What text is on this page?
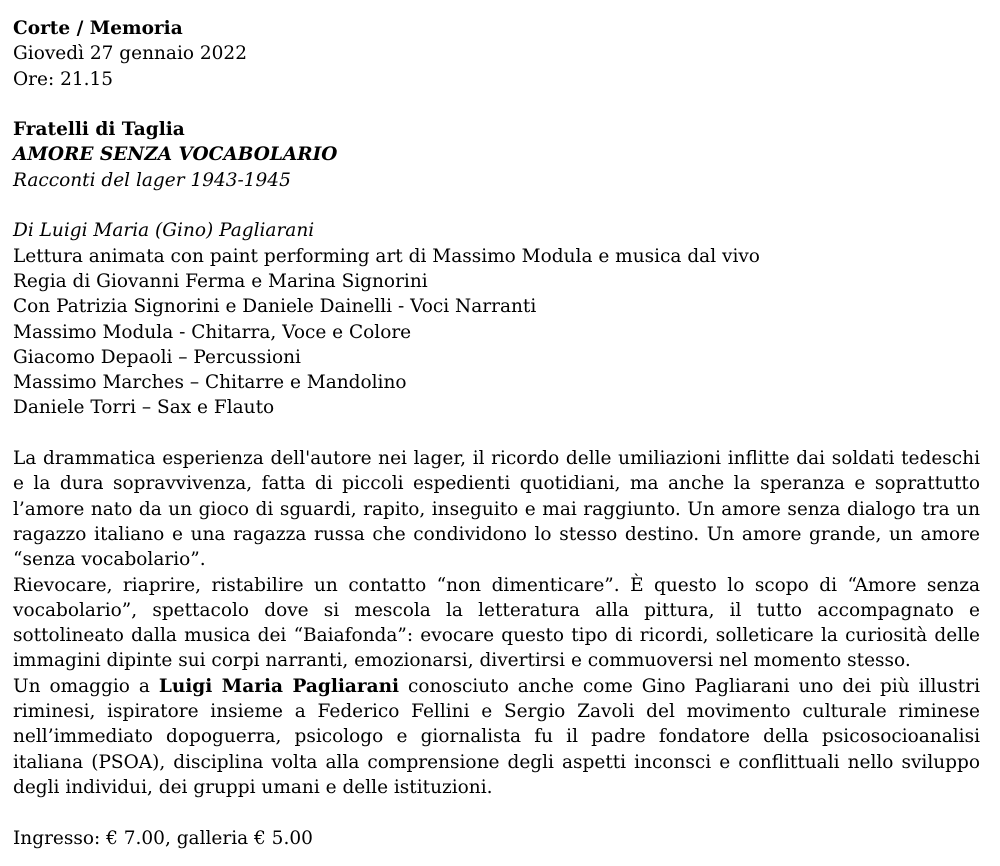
Corte / Memoria
Giovedì 27 gennaio 2022
Ore: 21.15
Fratelli di Taglia
AMORE SENZA VOCABOLARIO
Racconti del lager 1943-1945
Di Luigi Maria (Gino) Pagliarani
Lettura animata con paint performing art di Massimo Modula e musica dal vivo
Regia di Giovanni Ferma e Marina Signorini
Con Patrizia Signorini e Daniele Dainelli - Voci Narranti
Massimo Modula - Chitarra, Voce e Colore
Giacomo Depaoli – Percussioni
Massimo Marches – Chitarre e Mandolino
Daniele Torri – Sax e Flauto
La drammatica esperienza dell'autore nei lager, il ricordo delle umiliazioni inflitte dai soldati tedeschi e la dura sopravvivenza, fatta di piccoli espedienti quotidiani, ma anche la speranza e soprattutto l’amore nato da un gioco di sguardi, rapito, inseguito e mai raggiunto. Un amore senza dialogo tra un ragazzo italiano e una ragazza russa che condividono lo stesso destino. Un amore grande, un amore “senza vocabolario”.
Rievocare, riaprire, ristabilire un contatto “non dimenticare”. È questo lo scopo di “Amore senza vocabolario”, spettacolo dove si mescola la letteratura alla pittura, il tutto accompagnato e sottolineato dalla musica dei “Baiafonda”: evocare questo tipo di ricordi, solleticare la curiosità delle immagini dipinte sui corpi narranti, emozionarsi, divertirsi e commuoversi nel momento stesso.
Un omaggio a Luigi Maria Pagliarani conosciuto anche come Gino Pagliarani uno dei più illustri riminesi, ispiratore insieme a Federico Fellini e Sergio Zavoli del movimento culturale riminese nell’immediato dopoguerra, psicologo e giornalista fu il padre fondatore della psicosocioanalisi italiana (PSOA), disciplina volta alla comprensione degli aspetti inconsci e conflittuali nello sviluppo degli individui, dei gruppi umani e delle istituzioni.
Ingresso: € 7.00, galleria € 5.00
